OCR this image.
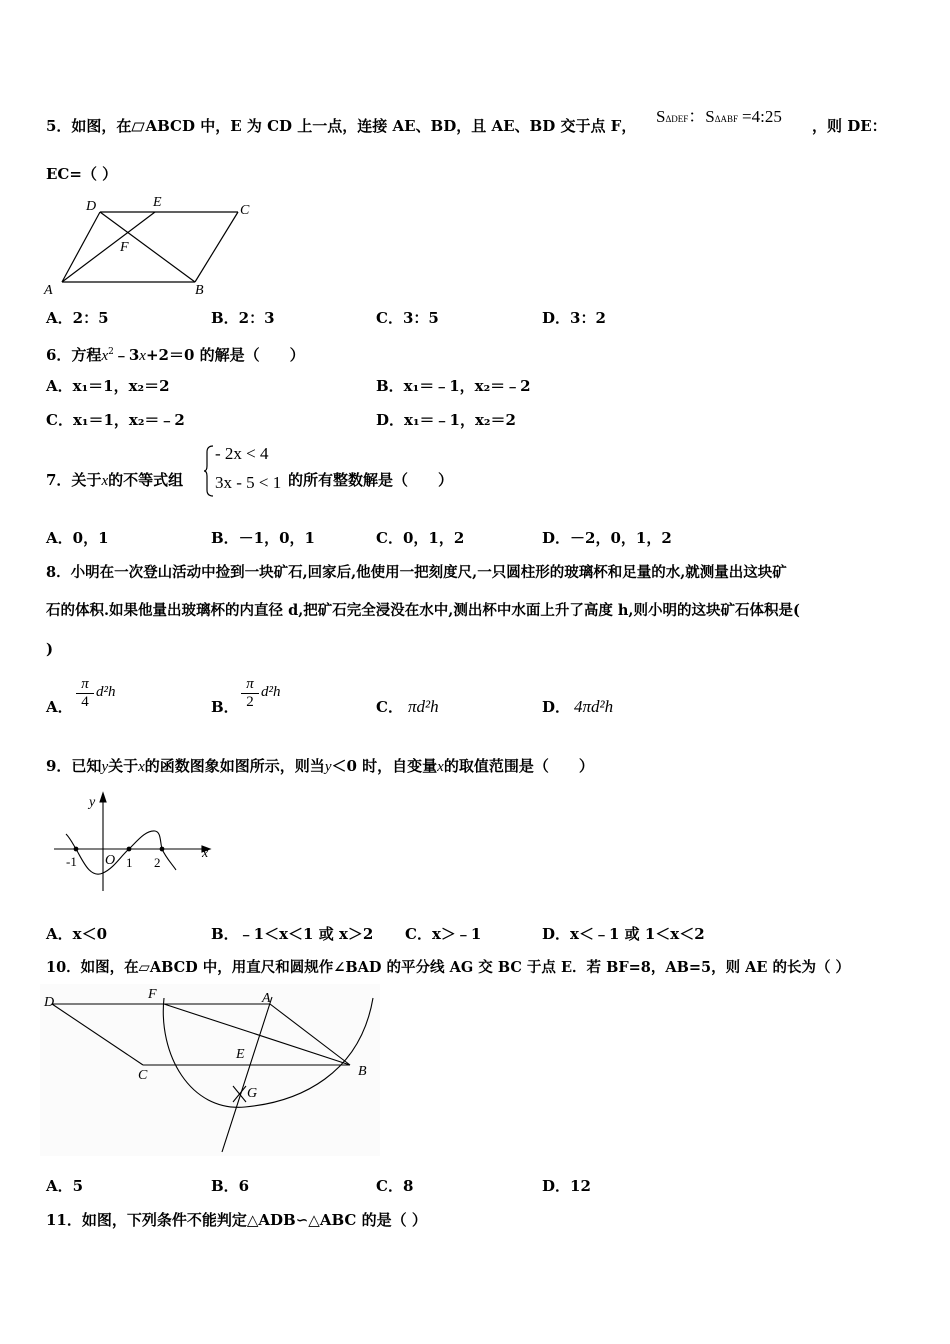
5．如图，在 ABCD 中，E 为 CD 上一点，连接 AE、BD，且 AE、BD 交于点 F， SΔDEF：SΔABF =4:25 ，则 DE：
EC=（ ）
D	E
C
F
A	B
A．2：5	B．2：3	C．3：5	D．3：2
6．方程$x^2﹣3x+2=0$ 的解是（　　）
A．x₁＝1，x₂＝2	B．x₁＝﹣1，x₂＝﹣2
C．x₁＝1，x₂＝﹣2	D．x₁＝﹣1，x₂＝2
7．关于x的不等式组
- 2x < 4
3x - 5 < 1 的所有整数解是（　　）
A．0，1	B．－1，0，1	C．0，1，2	D．－2，0，1，2
8．小明在一次登山活动中捡到一块矿石,回家后,他使用一把刻度尺,一只圆柱形的玻璃杯和足量的水,就测量出这块矿
石的体积.如果他量出玻璃杯的内直径 d,把矿石完全浸没在水中,测出杯中水面上升了高度 h,则小明的这块矿石体积是(
)
A．
π
4
d²h
B．
π
2
d²h
C． πd²h	D． 4πd²h
9．已知y关于x的函数图象如图所示，则当y＜0 时，自变量x的取值范围是（　　）
y
x
-1 O 1 2
A．x＜0	B．﹣1＜x＜1 或 x＞2 C．x＞﹣1	D．x＜﹣1 或 1＜x＜2
10．如图，在▱ABCD 中，用直尺和圆规作∠BAD 的平分线 AG 交 BC 于点 E．若 BF=8，AB=5，则 AE 的长为（ ）
D
F	A
E
C	B
G
A．5	B．6	C．8	D．12
11．如图，下列条件不能判定△ADB∽△ABC 的是（ ）
